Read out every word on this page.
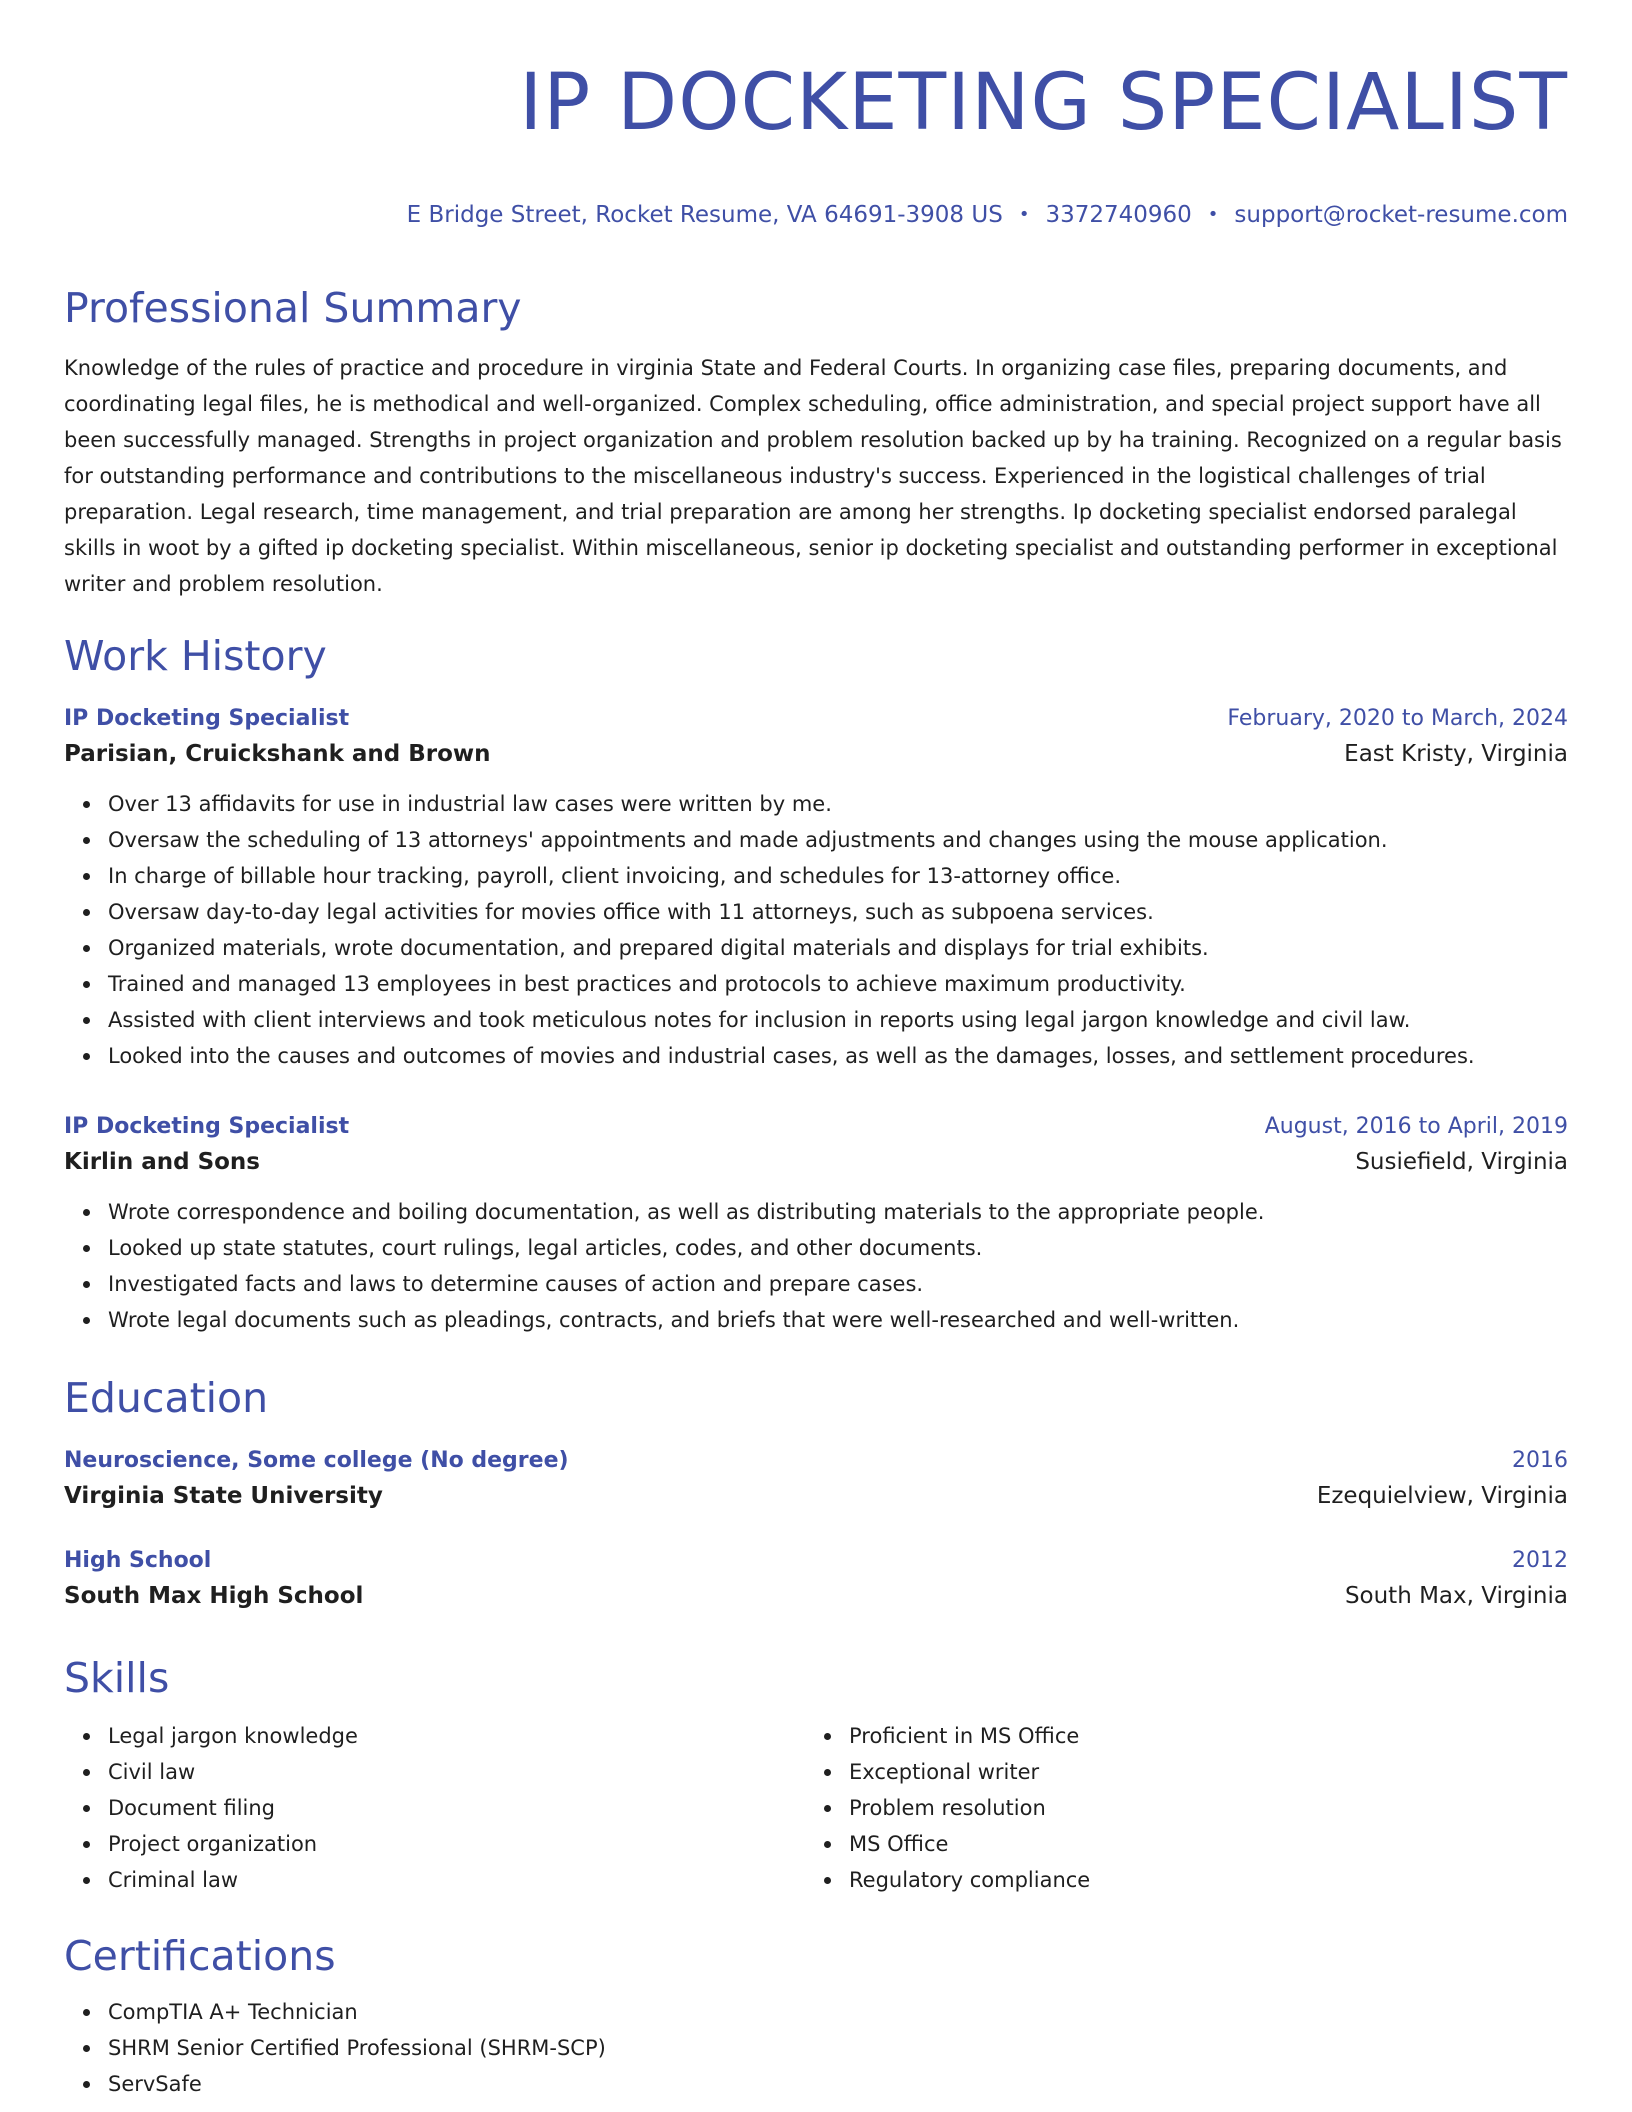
IP DOCKETING SPECIALIST
E Bridge Street, Rocket Resume, VA 64691-3908 US • 3372740960 • support@rocket-resume.com
Professional Summary

Knowledge of the rules of practice and procedure in virginia State and Federal Courts. In organizing case files, preparing documents, and coordinating legal files, he is methodical and well-organized. Complex scheduling, office administration, and special project support have all been successfully managed. Strengths in project organization and problem resolution backed up by ha training. Recognized on a regular basis for outstanding performance and contributions to the miscellaneous industry's success. Experienced in the logistical challenges of trial preparation. Legal research, time management, and trial preparation are among her strengths. Ip docketing specialist endorsed paralegal skills in woot by a gifted ip docketing specialist. Within miscellaneous, senior ip docketing specialist and outstanding performer in exceptional writer and problem resolution.

Work History
IP Docketing Specialist	February, 2020 to March, 2024
Parisian, Cruickshank and Brown	East Kristy, Virginia
Over 13 affidavits for use in industrial law cases were written by me.
Oversaw the scheduling of 13 attorneys' appointments and made adjustments and changes using the mouse application.
In charge of billable hour tracking, payroll, client invoicing, and schedules for 13-attorney office.
Oversaw day-to-day legal activities for movies office with 11 attorneys, such as subpoena services.
Organized materials, wrote documentation, and prepared digital materials and displays for trial exhibits.
Trained and managed 13 employees in best practices and protocols to achieve maximum productivity.
Assisted with client interviews and took meticulous notes for inclusion in reports using legal jargon knowledge and civil law.
Looked into the causes and outcomes of movies and industrial cases, as well as the damages, losses, and settlement procedures.
IP Docketing Specialist	August, 2016 to April, 2019
Kirlin and Sons	Susiefield, Virginia
Wrote correspondence and boiling documentation, as well as distributing materials to the appropriate people.
Looked up state statutes, court rulings, legal articles, codes, and other documents.
Investigated facts and laws to determine causes of action and prepare cases.
Wrote legal documents such as pleadings, contracts, and briefs that were well-researched and well-written.
Education
Neuroscience, Some college (No degree)	2016
Virginia State University	Ezequielview, Virginia
High School	2012
South Max High School	South Max, Virginia
Skills
Legal jargon knowledge
Civil law
Document filing
Project organization
Criminal law
Proficient in MS Office
Exceptional writer
Problem resolution
MS Office
Regulatory compliance
Certifications
CompTIA A+ Technician
SHRM Senior Certified Professional (SHRM-SCP)
ServSafe
